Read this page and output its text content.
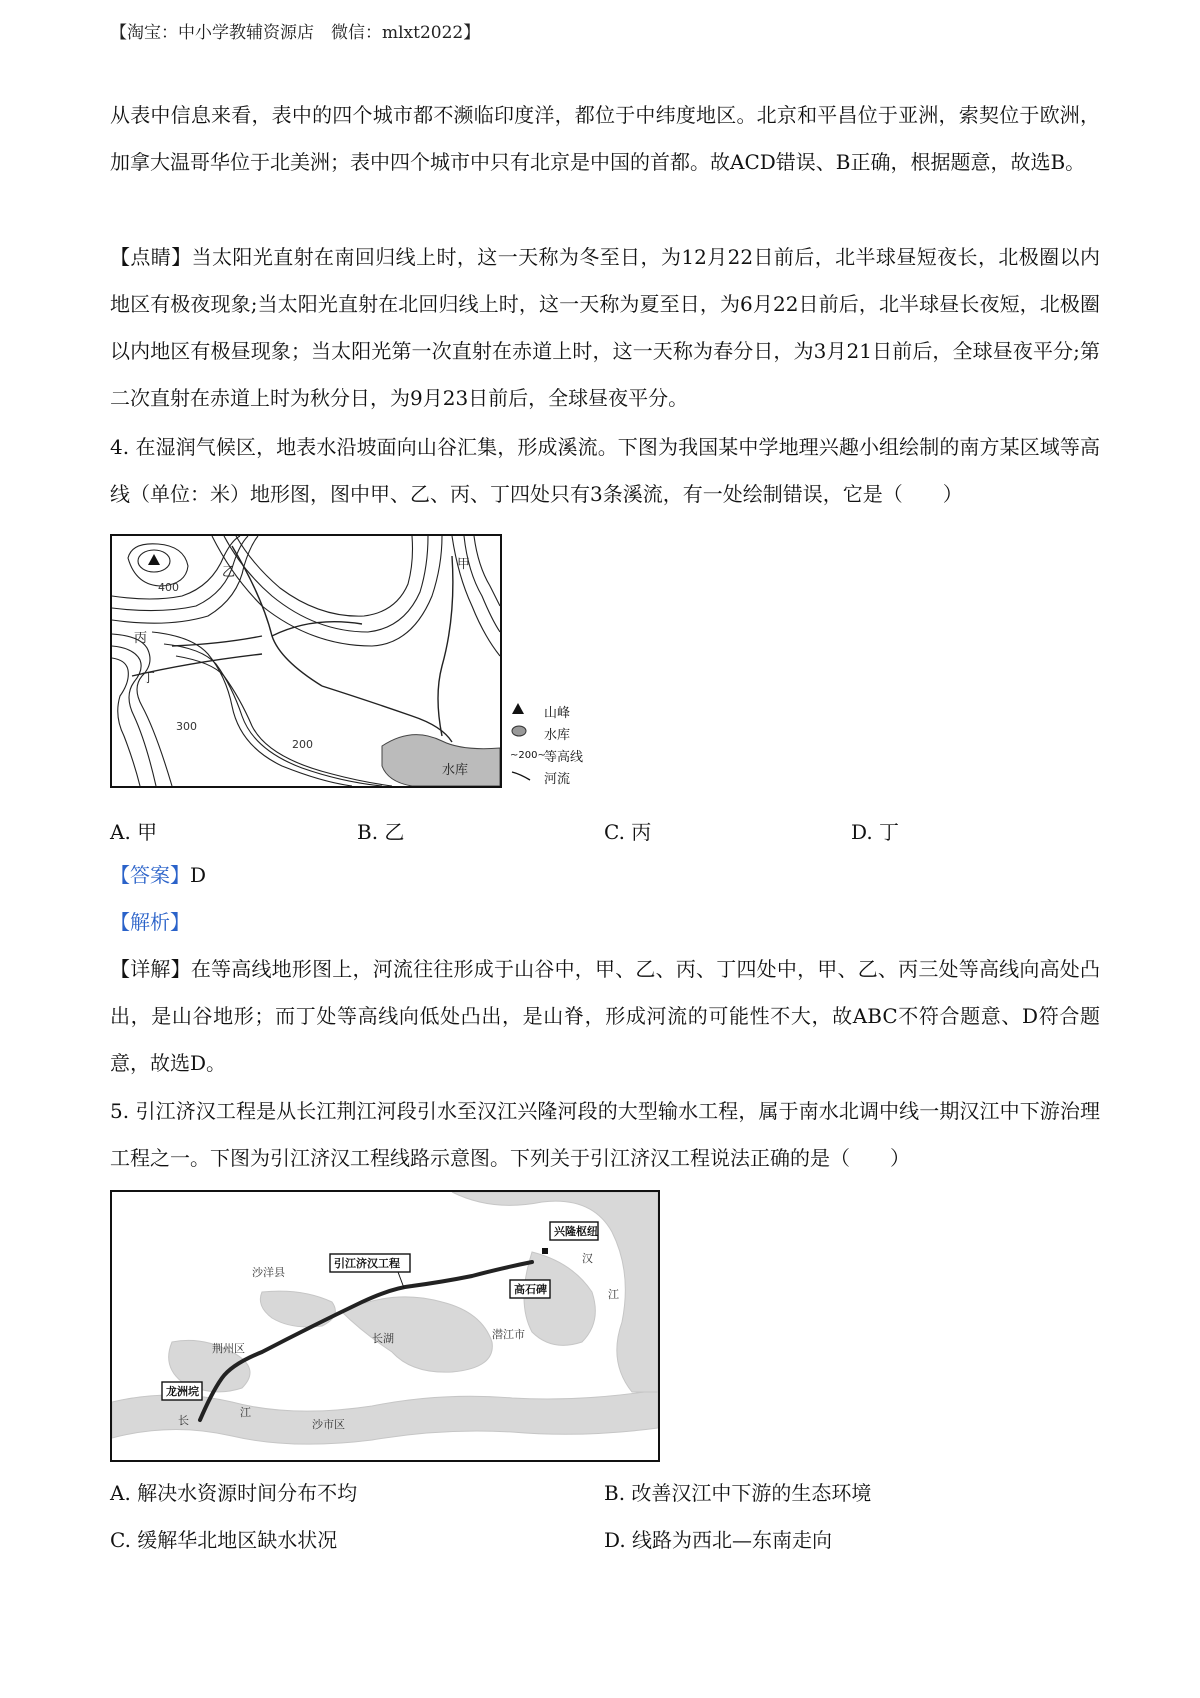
【淘宝：中小学教辅资源店　微信：mlxt2022】
从表中信息来看，表中的四个城市都不濒临印度洋，都位于中纬度地区。北京和平昌位于亚洲，索契位于欧洲，加拿大温哥华位于北美洲；表中四个城市中只有北京是中国的首都。故ACD错误、B正确，根据题意，故选B。
【点睛】当太阳光直射在南回归线上时，这一天称为冬至日，为12月22日前后，北半球昼短夜长，北极圈以内地区有极夜现象;当太阳光直射在北回归线上时，这一天称为夏至日，为6月22日前后，北半球昼长夜短，北极圈以内地区有极昼现象；当太阳光第一次直射在赤道上时，这一天称为春分日，为3月21日前后，全球昼夜平分;第二次直射在赤道上时为秋分日，为9月23日前后，全球昼夜平分。
4. 在湿润气候区，地表水沿坡面向山谷汇集，形成溪流。下图为我国某中学地理兴趣小组绘制的南方某区域等高线（单位：米）地形图，图中甲、乙、丙、丁四处只有3条溪流，有一处绘制错误，它是（　　）
水库
乙
甲
丙
丁
400
300
200
山峰
水库
~200~
等高线
河流
A. 甲	B. 乙	C. 丙	D. 丁
【答案】D
【解析】
【详解】在等高线地形图上，河流往往形成于山谷中，甲、乙、丙、丁四处中，甲、乙、丙三处等高线向高处凸出，是山谷地形；而丁处等高线向低处凸出，是山脊，形成河流的可能性不大，故ABC不符合题意、D符合题意，故选D。
5. 引江济汉工程是从长江荆江河段引水至汉江兴隆河段的大型输水工程，属于南水北调中线一期汉江中下游治理工程之一。下图为引江济汉工程线路示意图。下列关于引江济汉工程说法正确的是（　　）
兴隆枢纽
引江济汉工程
高石碑
龙洲垸
沙洋县
荆州区
长湖	潜江市
沙市区
汉
江
长
江
A. 解决水资源时间分布不均	B. 改善汉江中下游的生态环境
C. 缓解华北地区缺水状况	D. 线路为西北—东南走向
